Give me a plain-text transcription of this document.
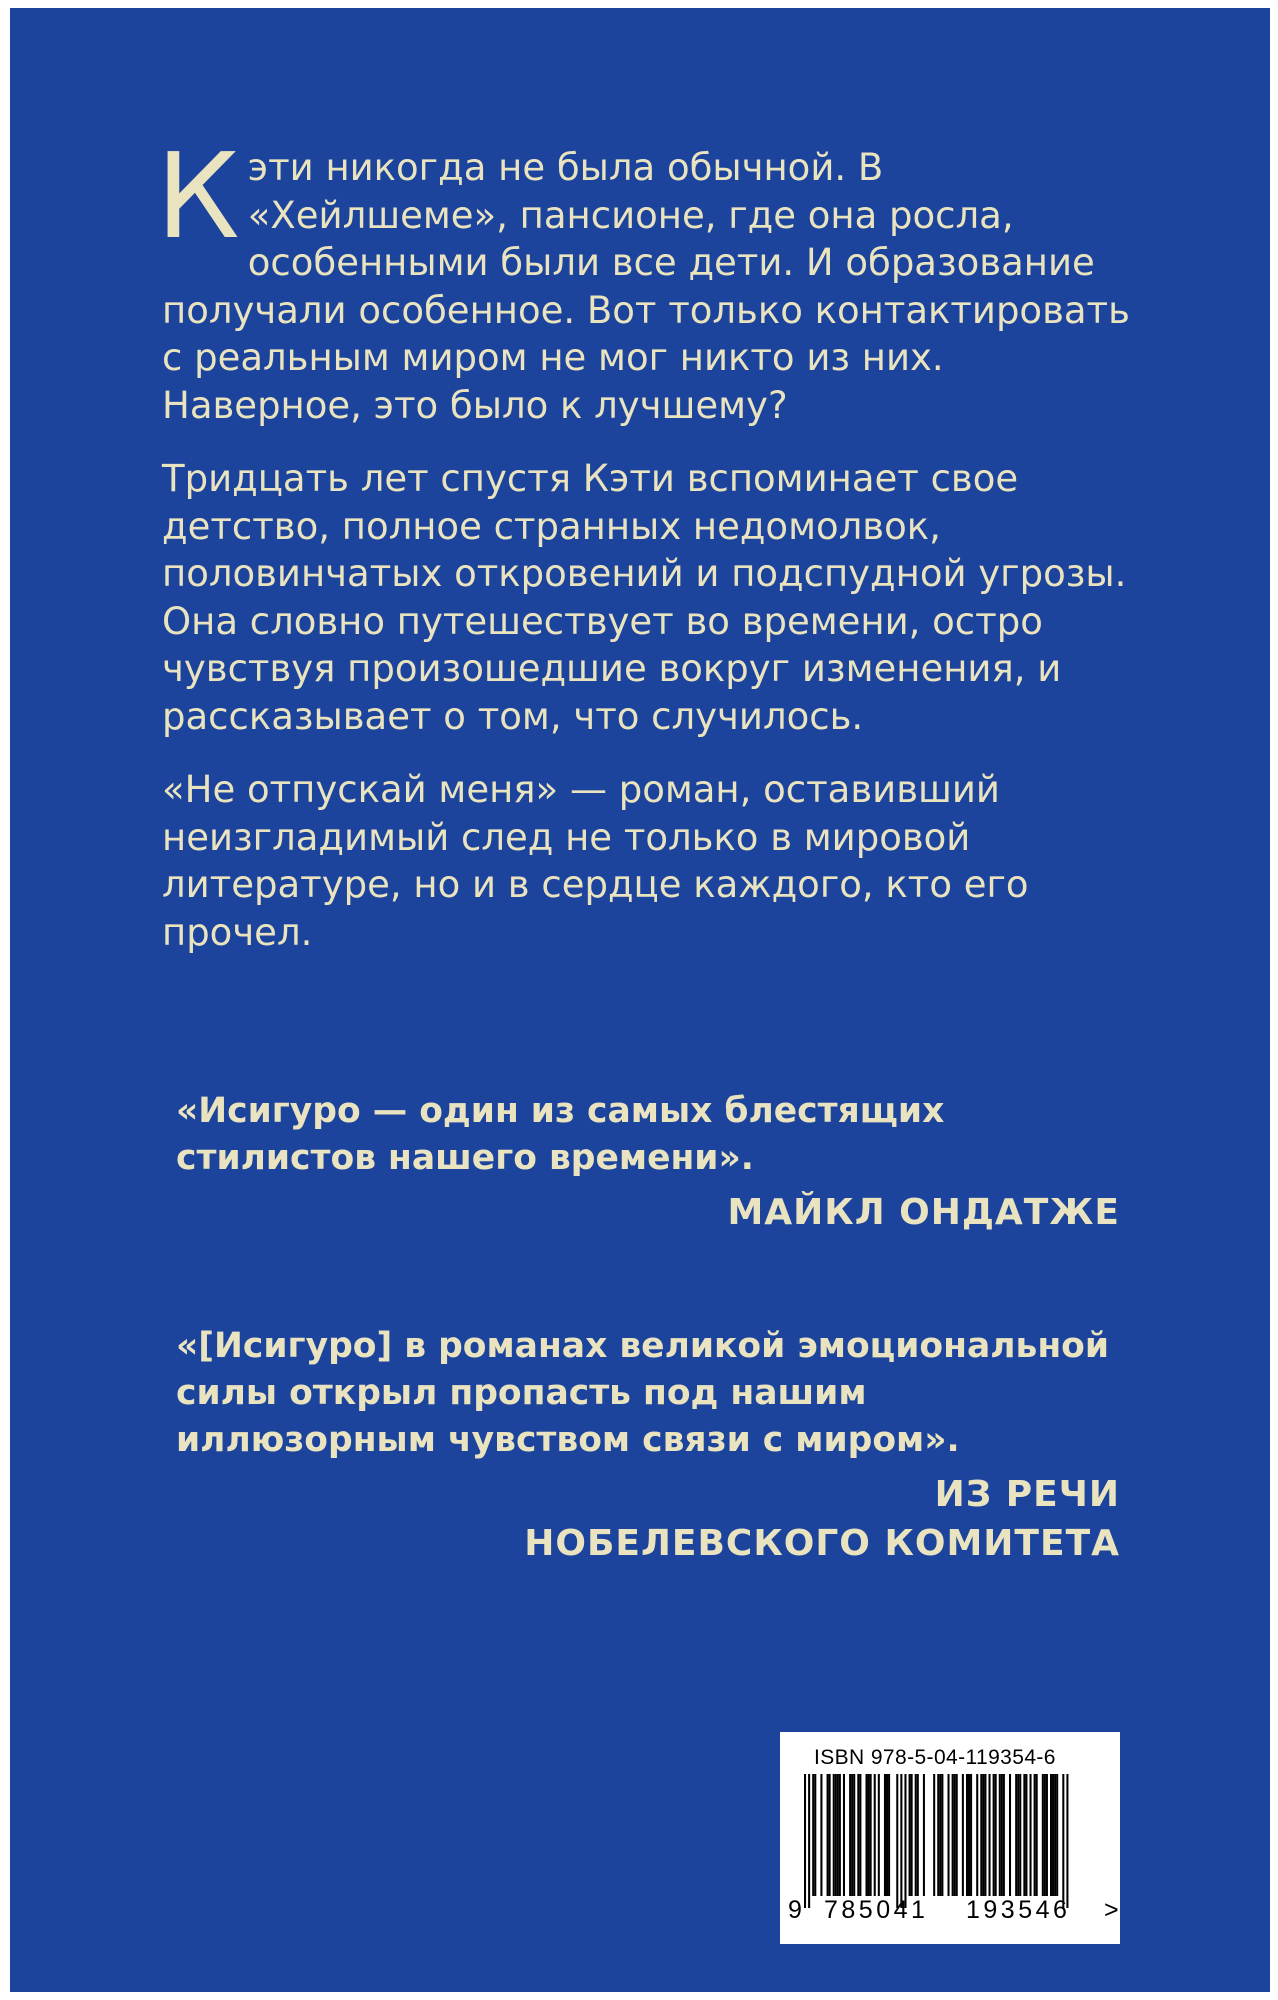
Кэти никогда не была обычной. В «Хейлшеме», пансионе, где она росла, особенными были все дети. И образование получали особенное. Вот только контактировать с реальным миром не мог никто из них. Наверное, это было к лучшему?

Тридцать лет спустя Кэти вспоминает свое детство, полное странных недомолвок, половинчатых откровений и подспудной угрозы. Она словно путешествует во времени, остро чувствуя произошедшие вокруг изменения, и рассказывает о том, что случилось.

«Не отпускай меня» — роман, оставивший неизгладимый след не только в мировой литературе, но и в сердце каждого, кто его прочел.

«Исигуро — один из самых блестящих стилистов нашего времени».
МАЙКЛ ОНДАТЖЕ
«[Исигуро] в романах великой эмоциональной силы открыл пропасть под нашим иллюзорным чувством связи с миром».
ИЗ РЕЧИ
НОБЕЛЕВСКОГО КОМИТЕТА
ISBN 978-5-04-119354-6
9 785041 193546 >
